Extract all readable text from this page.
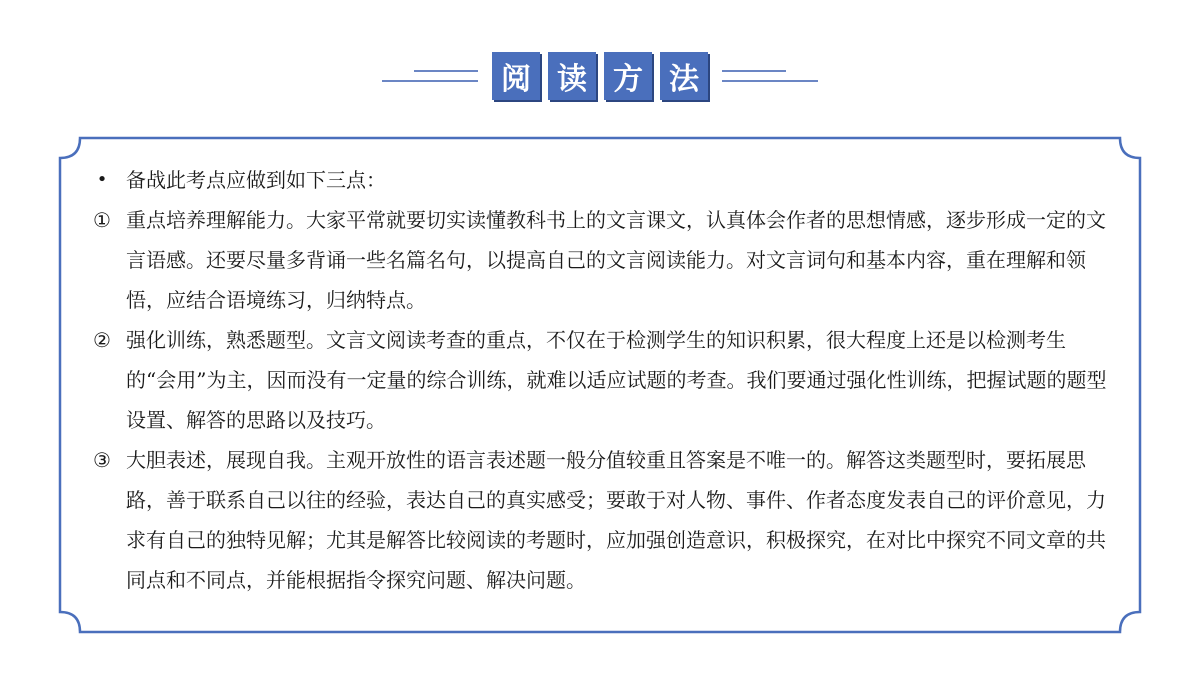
阅 读 方 法
• 备战此考点应做到如下三点：
① 重点培养理解能力。大家平常就要切实读懂教科书上的文言课文，认真体会作者的思想情感，逐步形成一定的文言语感。还要尽量多背诵一些名篇名句，以提高自己的文言阅读能力。对文言词句和基本内容，重在理解和领悟，应结合语境练习，归纳特点。
② 强化训练，熟悉题型。文言文阅读考查的重点，不仅在于检测学生的知识积累，很大程度上还是以检测考生的“会用”为主，因而没有一定量的综合训练，就难以适应试题的考查。我们要通过强化性训练，把握试题的题型设置、解答的思路以及技巧。
③ 大胆表述，展现自我。主观开放性的语言表述题一般分值较重且答案是不唯一的。解答这类题型时，要拓展思路，善于联系自己以往的经验，表达自己的真实感受；要敢于对人物、事件、作者态度发表自己的评价意见，力求有自己的独特见解；尤其是解答比较阅读的考题时，应加强创造意识，积极探究，在对比中探究不同文章的共同点和不同点，并能根据指令探究问题、解决问题。
